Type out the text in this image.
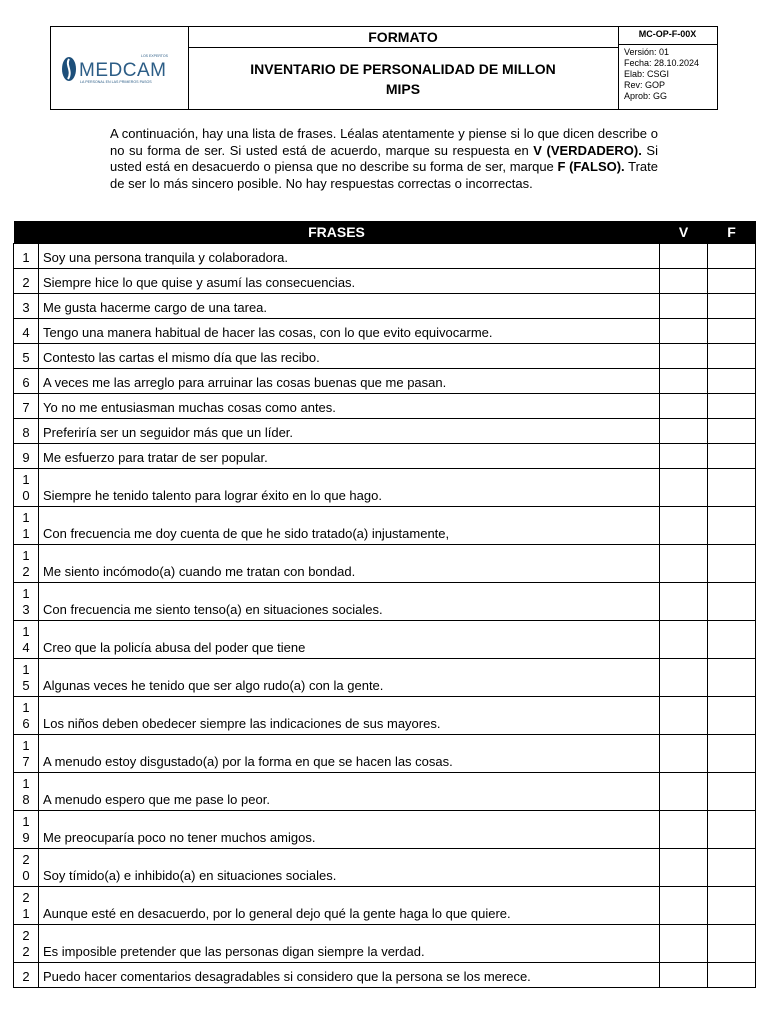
MEDCAM
LOS EXPERTOS
LA PERSONAL EN LAS PRIMEROS PASOS
FORMATO
INVENTARIO DE PERSONALIDAD DE MILLON
MIPS
MC-OP-F-00X
Versión: 01
Fecha: 28.10.2024
Elab: CSGI
Rev: GOP
Aprob: GG
A continuación, hay una lista de frases. Léalas atentamente y piense si lo que dicen describe o no su forma de ser. Si usted está de acuerdo, marque su respuesta en V (VERDADERO). Si usted está en desacuerdo o piensa que no describe su forma de ser, marque F (FALSO). Trate de ser lo más sincero posible. No hay respuestas correctas o incorrectas.
FRASES		V	F
1	Soy una persona tranquila y colaboradora.		
2	Siempre hice lo que quise y asumí las consecuencias.		
3	Me gusta hacerme cargo de una tarea.		
4	Tengo una manera habitual de hacer las cosas, con lo que evito equivocarme.		
5	Contesto las cartas el mismo día que las recibo.		
6	A veces me las arreglo para arruinar las cosas buenas que me pasan.		
7	Yo no me entusiasman muchas cosas como antes.		
8	Preferiría ser un seguidor más que un líder.		
9	Me esfuerzo para tratar de ser popular.		
10	Siempre he tenido talento para lograr éxito en lo que hago.		
11	Con frecuencia me doy cuenta de que he sido tratado(a) injustamente,		
12	Me siento incómodo(a) cuando me tratan con bondad.		
13	Con frecuencia me siento tenso(a) en situaciones sociales.		
14	Creo que la policía abusa del poder que tiene		
15	Algunas veces he tenido que ser algo rudo(a) con la gente.		
16	Los niños deben obedecer siempre las indicaciones de sus mayores.		
17	A menudo estoy disgustado(a) por la forma en que se hacen las cosas.		
18	A menudo espero que me pase lo peor.		
19	Me preocuparía poco no tener muchos amigos.		
20	Soy tímido(a) e inhibido(a) en situaciones sociales.		
21	Aunque esté en desacuerdo, por lo general dejo qué la gente haga lo que quiere.		
22	Es imposible pretender que las personas digan siempre la verdad.		
2	Puedo hacer comentarios desagradables si considero que la persona se los merece.		
